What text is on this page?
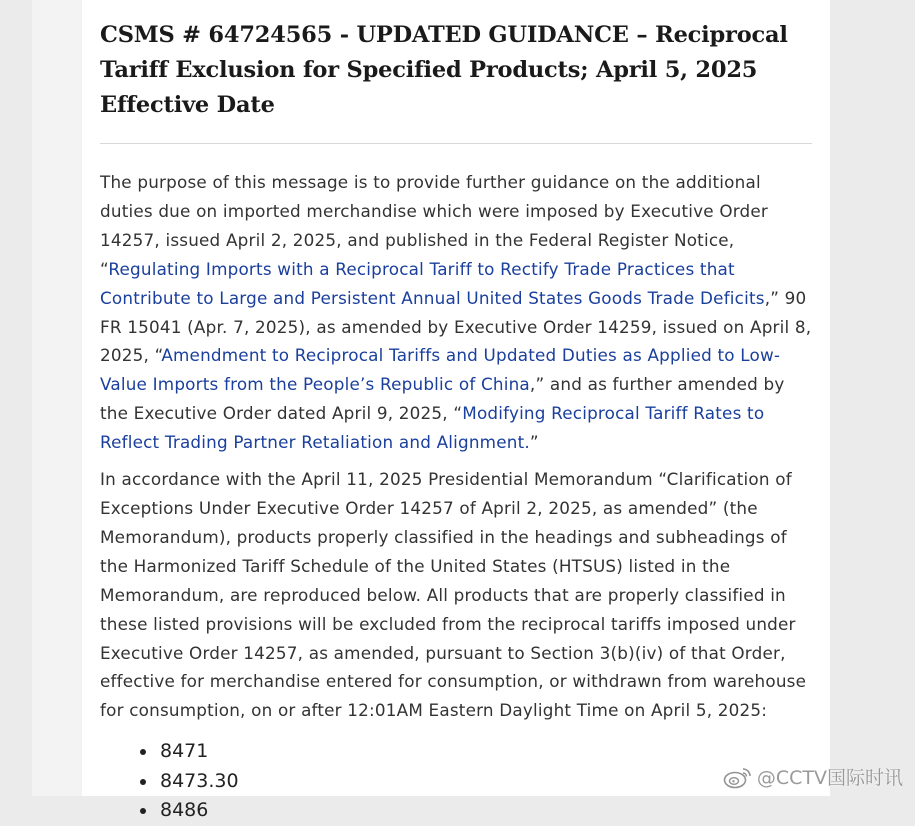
CSMS # 64724565 - UPDATED GUIDANCE – Reciprocal Tariff Exclusion for Specified Products; April 5, 2025 Effective Date

The purpose of this message is to provide further guidance on the additional duties due on imported merchandise which were imposed by Executive Order 14257, issued April 2, 2025, and published in the Federal Register Notice, “Regulating Imports with a Reciprocal Tariff to Rectify Trade Practices that Contribute to Large and Persistent Annual United States Goods Trade Deficits,” 90 FR 15041 (Apr. 7, 2025), as amended by Executive Order 14259, issued on April 8, 2025, “Amendment to Reciprocal Tariffs and Updated Duties as Applied to Low-Value Imports from the People’s Republic of China,” and as further amended by the Executive Order dated April 9, 2025, “Modifying Reciprocal Tariff Rates to Reflect Trading Partner Retaliation and Alignment.”

In accordance with the April 11, 2025 Presidential Memorandum “Clarification of Exceptions Under Executive Order 14257 of April 2, 2025, as amended” (the Memorandum), products properly classified in the headings and subheadings of the Harmonized Tariff Schedule of the United States (HTSUS) listed in the Memorandum, are reproduced below. All products that are properly classified in these listed provisions will be excluded from the reciprocal tariffs imposed under Executive Order 14257, as amended, pursuant to Section 3(b)(iv) of that Order, effective for merchandise entered for consumption, or withdrawn from warehouse for consumption, on or after 12:01AM Eastern Daylight Time on April 5, 2025:

8471
8473.30
8486
@CCTV国际时讯
